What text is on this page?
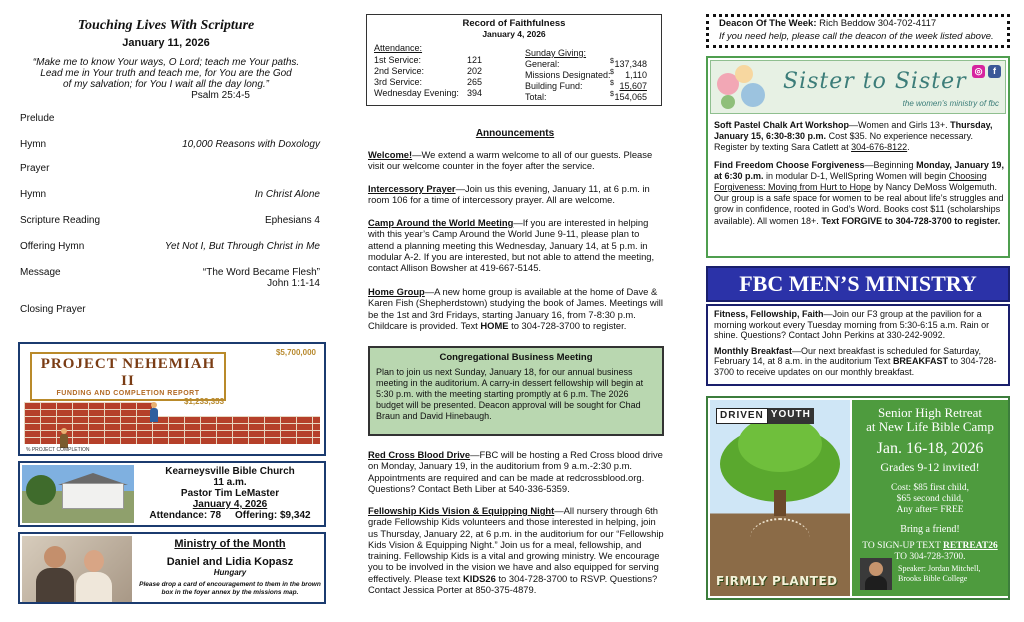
Touching Lives With Scripture
January 11, 2026
“Make me to know Your ways, O Lord; teach me Your paths.
Lead me in Your truth and teach me, for You are the God
of my salvation; for You I wait all the day long.”
Psalm 25:4-5
Prelude
Hymn	10,000 Reasons with Doxology
Prayer
Hymn	In Christ Alone
Scripture Reading	Ephesians 4
Offering Hymn	Yet Not I, But Through Christ in Me
Message	“The Word Became Flesh”
John 1:1-14
Closing Prayer
PROJECT NEHEMIAH II
FUNDING AND COMPLETION REPORT
$5,700,000
$1,233,353
% PROJECT COMPLETION
Kearneysville Bible Church
11 a.m.
Pastor Tim LeMaster
January 4, 2026
Attendance: 78 Offering: $9,342
Ministry of the Month
Daniel and Lidia Kopasz
Hungary
Please drop a card of encouragement to them in the brown box in the foyer annex by the missions map.
Record of Faithfulness
January 4, 2026
Attendance:	Sunday Giving:
1st Service:	121
2nd Service:	202
3rd Service:	265
Wednesday Evening: 394
General:	$ 137,348
Missions Designated: $	1,110
Building Fund:	$ 15,607
Total:	$ 154,065
Announcements
Welcome!—We extend a warm welcome to all of our guests. Please visit our welcome counter in the foyer after the service.
Intercessory Prayer—Join us this evening, January 11, at 6 p.m. in room 106 for a time of intercessory prayer. All are welcome.
Camp Around the World Meeting—If you are interested in helping with this year’s Camp Around the World June 9-11, please plan to attend a planning meeting this Wednesday, January 14, at 5 p.m. in modular A-2. If you are interested, but not able to attend the meeting, contact Allison Bowsher at 419-667-5145.
Home Group—A new home group is available at the home of Dave & Karen Fish (Shepherdstown) studying the book of James. Meetings will be the 1st and 3rd Fridays, starting January 16, from 7-8:30 p.m. Childcare is provided. Text HOME to 304-728-3700 to register.
Congregational Business Meeting
Plan to join us next Sunday, January 18, for our annual business meeting in the auditorium. A carry-in dessert fellowship will begin at 5:30 p.m. with the meeting starting promptly at 6 p.m. The 2026 budget will be presented. Deacon approval will be sought for Chad Braun and David Hinebaugh.
Red Cross Blood Drive—FBC will be hosting a Red Cross blood drive on Monday, January 19, in the auditorium from 9 a.m.-2:30 p.m. Appointments are required and can be made at redcrossblood.org. Questions? Contact Beth Liber at 540-336-5359.
Fellowship Kids Vision & Equipping Night—All nursery through 6th grade Fellowship Kids volunteers and those interested in helping, join us Thursday, January 22, at 6 p.m. in the auditorium for our “Fellowship Kids Vision & Equipping Night.” Join us for a meal, fellowship, and training. Fellowship Kids is a vital and growing ministry. We encourage you to be involved in the vision we have and also equipped for serving effectively. Please text KIDS26 to 304-728-3700 to RSVP. Questions? Contact Jessica Porter at 850-375-4879.
Deacon Of The Week: Rich Beddow 304-702-4117
If you need help, please call the deacon of the week listed above.
Sister to Sister
the women’s ministry of fbc
◎	f

Soft Pastel Chalk Art Workshop—Women and Girls 13+. Thursday, January 15, 6:30-8:30 p.m. Cost $35. No experience necessary. Register by texting Sara Catlett at 304-676-8122.

Find Freedom Choose Forgiveness—Beginning Monday, January 19, at 6:30 p.m. in modular D-1, WellSpring Women will begin Choosing Forgiveness: Moving from Hurt to Hope by Nancy DeMoss Wolgemuth. Our group is a safe space for women to be real about life’s struggles and grow in confidence, rooted in God’s Word. Books cost $11 (scholarships available). All women 18+. Text FORGIVE to 304-728-3700 to register.

FBC MEN’S MINISTRY

Fitness, Fellowship, Faith—Join our F3 group at the pavilion for a morning workout every Tuesday morning from 5:30-6:15 a.m. Rain or shine. Questions? Contact John Perkins at 330-242-9092.

Monthly Breakfast—Our next breakfast is scheduled for Saturday, February 14, at 8 a.m. in the auditorium Text BREAKFAST to 304-728-3700 to receive updates on our monthly breakfast.

DRIVEN YOUTH
FIRMLY PLANTED
Senior High Retreat
at New Life Bible Camp
Jan. 16-18, 2026
Grades 9-12 invited!
Cost: $85 first child,
$65 second child,
Any after= FREE
Bring a friend!
TO SIGN-UP TEXT RETREAT26
TO 304-728-3700.
Speaker: Jordan Mitchell,
Brooks Bible College
